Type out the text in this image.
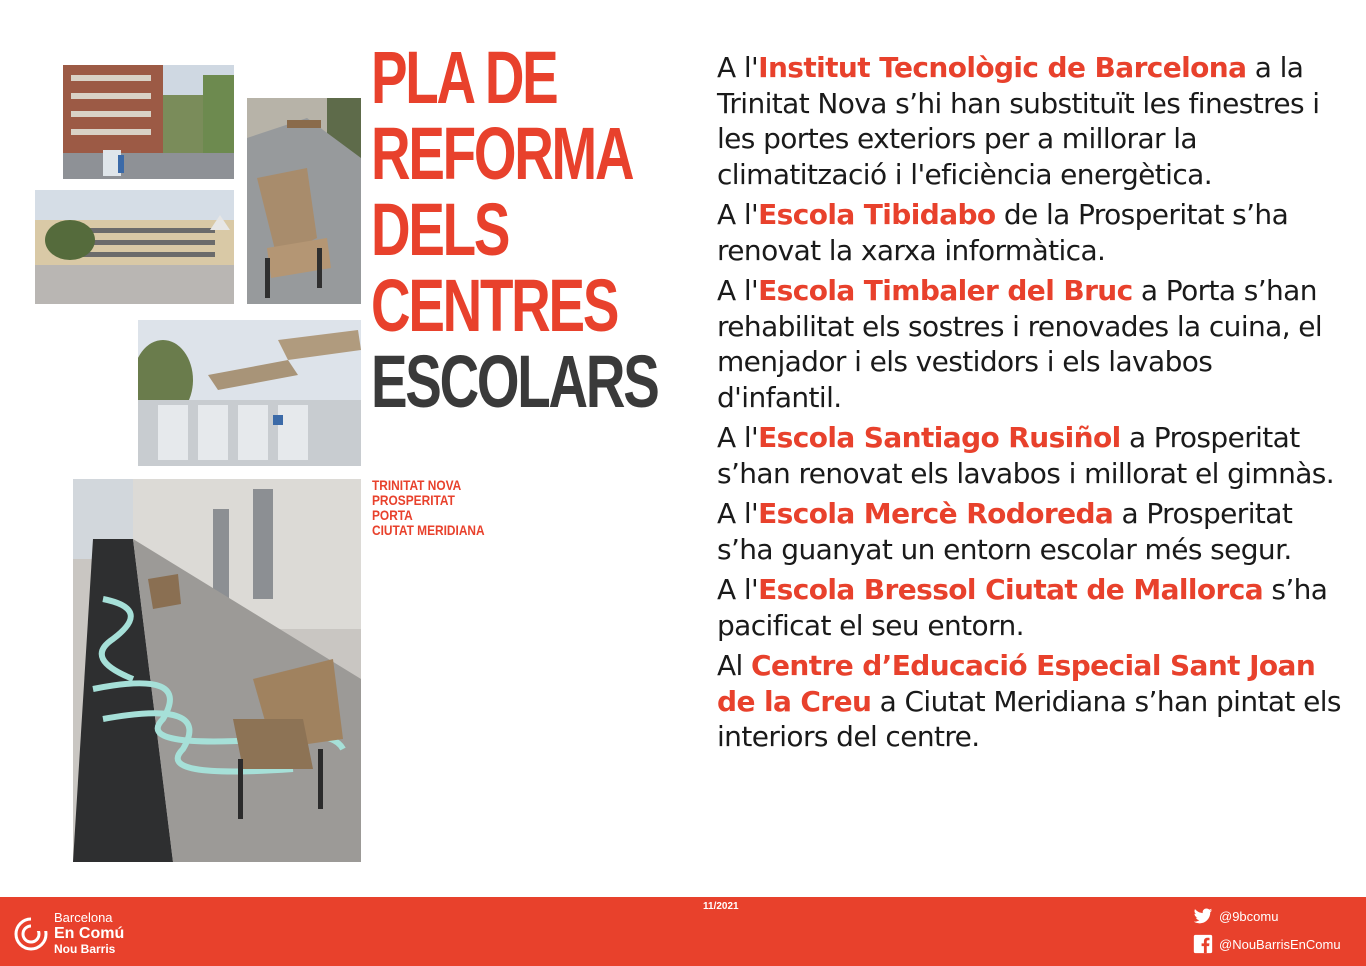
PLA DE
REFORMA
DELS
CENTRES
ESCOLARS
TRINITAT NOVA
PROSPERITAT
PORTA
CIUTAT MERIDIANA

A l'Institut Tecnològic de Barcelona a la Trinitat Nova s’hi han substituït les finestres i les portes exteriors per a millorar la climatització i l'eficiència energètica.

A l'Escola Tibidabo de la Prosperitat s’ha renovat la xarxa informàtica.

A l'Escola Timbaler del Bruc a Porta s’han rehabilitat els sostres i renovades la cuina, el menjador i els vestidors i els lavabos d'infantil.

A l'Escola Santiago Rusiñol a Prosperitat s’han renovat els lavabos i millorat el gimnàs.

A l'Escola Mercè Rodoreda a Prosperitat s’ha guanyat un entorn escolar més segur.

A l'Escola Bressol Ciutat de Mallorca s’ha pacificat el seu entorn.

Al Centre d’Educació Especial Sant Joan de la Creu a Ciutat Meridiana s’han pintat els interiors del centre.

11/2021
Barcelona
En Comú
Nou Barris
@9bcomu
@NouBarrisEnComu
